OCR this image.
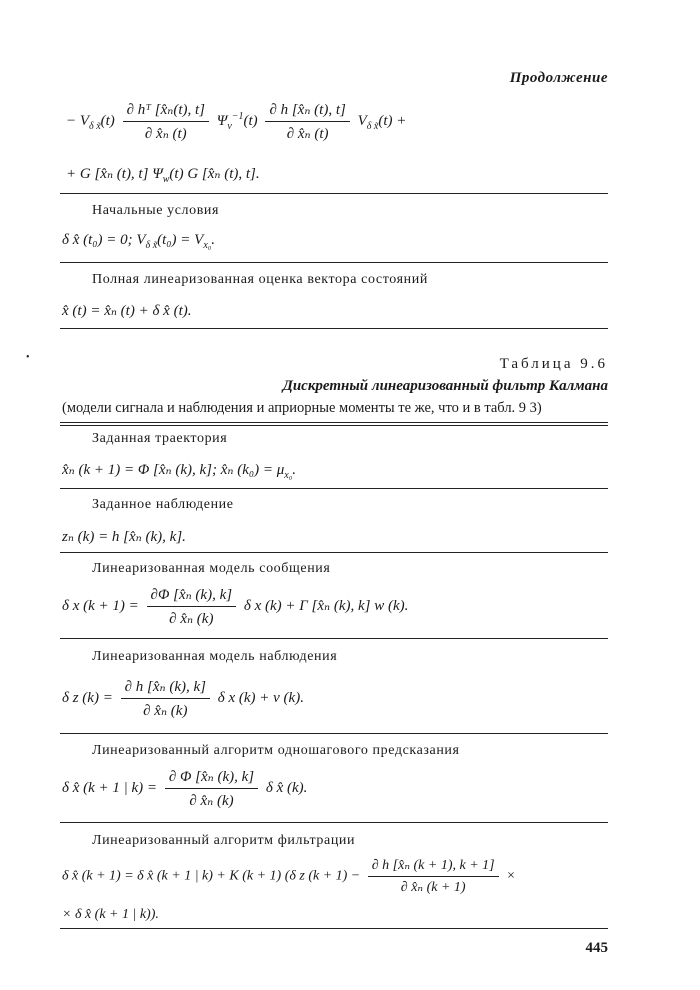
Продолжение
− $V_{\delta x̃}(t) \frac{\text{∂ hᵀ [x̂ₙ(t), t]}}{\text{∂ x̂ₙ (t)}} \Psi_v^{-1}(t) \frac{\text{∂ h [x̂ₙ (t), t]}}{\text{∂ x̂ₙ (t)}} V_{\delta x̃}(t)$ +
+ G [x̂ₙ (t), t] $\Psi_w(t)$ G [x̂ₙ (t), t].
Начальные условия
δ x̂ (t₀) = 0; $V_{\delta x̃}(t_0) = V_{x_0}$.
Полная линеаризованная оценка вектора состояний
x̂ (t) = x̂ₙ (t) + δ x̂ (t).
•	Таблица 9.6
Дискретный линеаризованный фильтр Калмана
(модели сигнала и наблюдения и априорные моменты те же, что и в табл. 9 3)
Заданная траектория
x̂ₙ (k + 1) = Φ [x̂ₙ (k), k]; x̂ₙ $(k_0) = \mu_{x_0}$.
Заданное наблюдение
zₙ (k) = h [x̂ₙ (k), k].
Линеаризованная модель сообщения
δ x $(k + 1) = \frac{\text{∂Φ [x̂ₙ (k), k]}}{\text{∂ x̂ₙ (k)}}$ δ x (k) + Γ [x̂ₙ (k), k] w (k).
Линеаризованная модель наблюдения
δ z $(k) = \frac{\text{∂ h [x̂ₙ (k), k]}}{\text{∂ x̂ₙ (k)}}$ δ x (k) + v (k).
Линеаризованный алгоритм одношагового предсказания
δ x̂ (k + 1 | $k) = \frac{\text{∂ Φ [x̂ₙ (k), k]}}{\text{∂ x̂ₙ (k)}}$ δ x̂ (k).
Линеаризованный алгоритм фильтрации
δ x̂ (k + 1) = δ x̂ (k + 1 | k) + K (k + 1) (δ z $(k + 1) - \frac{\text{∂ h [x̂ₙ (k + 1), k + 1]}}{\text{∂ x̂ₙ (k + 1)}}$ ×
× δ x̂ (k + 1 | k)).
445
